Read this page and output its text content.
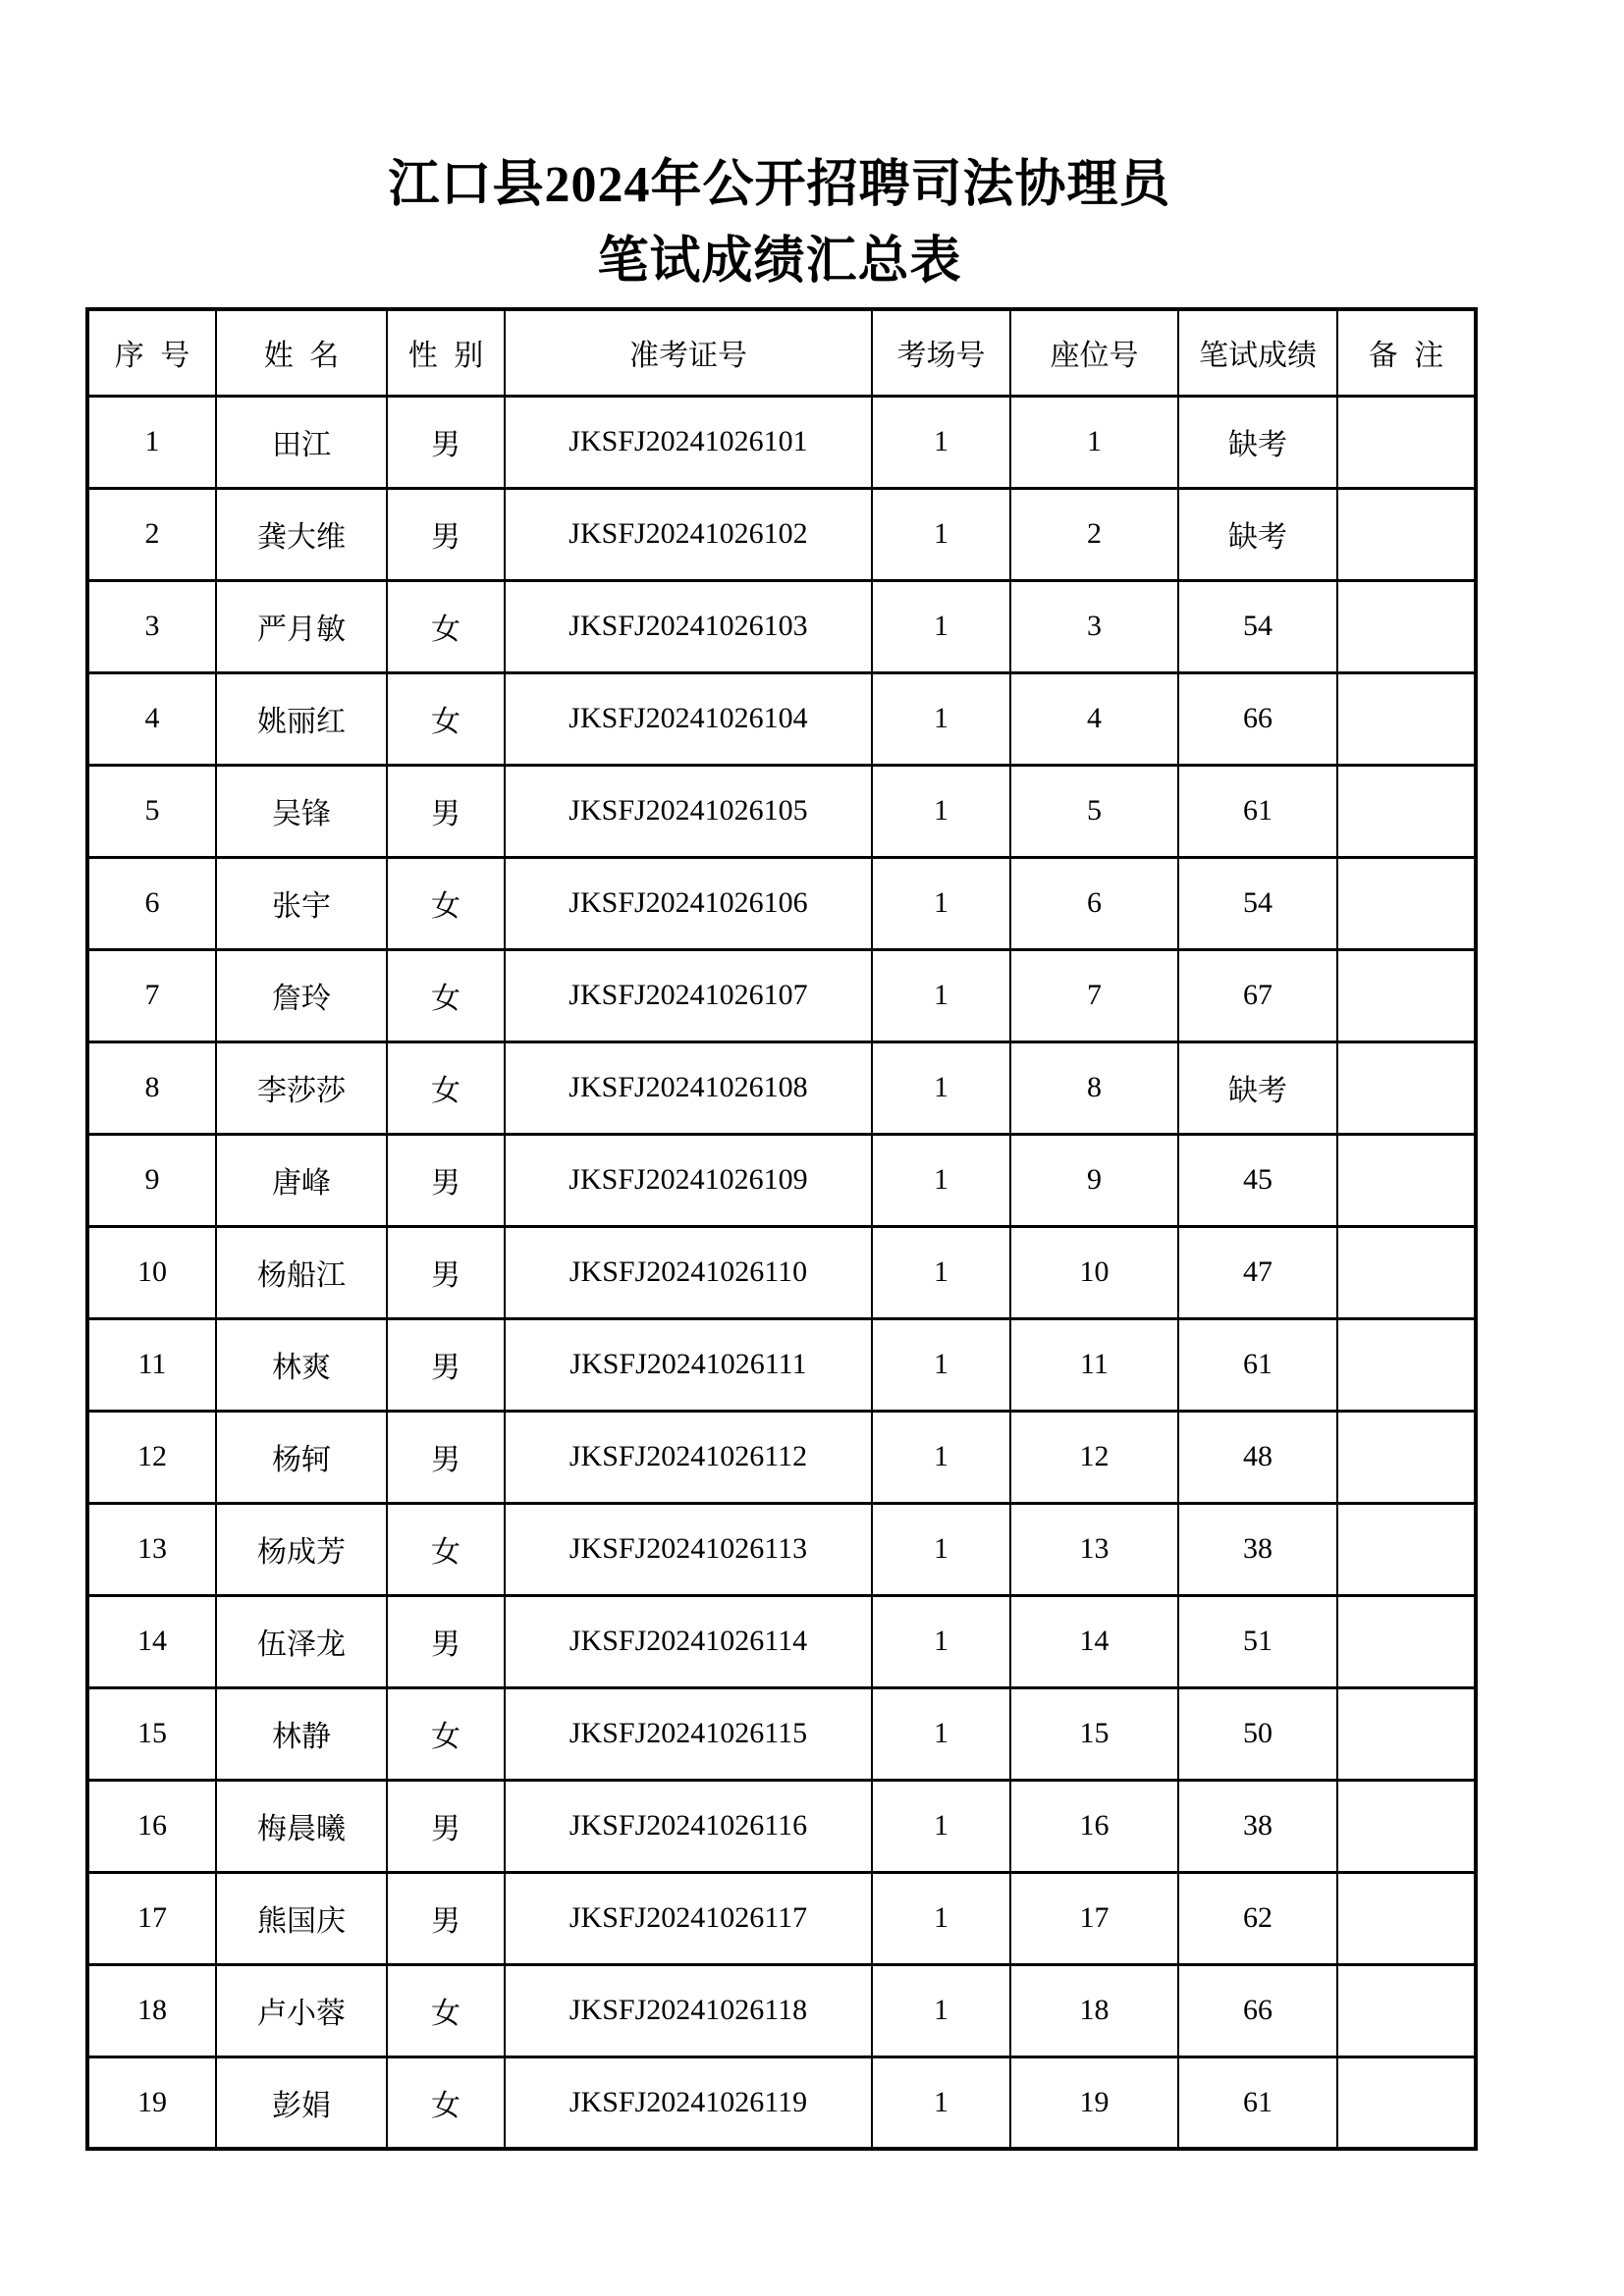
江口县2024年公开招聘司法协理员
笔试成绩汇总表
序号	姓名	性别	准考证号	考场号	座位号	笔试成绩	备注
1	田江	男	JKSFJ20241026101	1	1	缺考	
2	龚大维	男	JKSFJ20241026102	1	2	缺考	
3	严月敏	女	JKSFJ20241026103	1	3	54	
4	姚丽红	女	JKSFJ20241026104	1	4	66	
5	吴锋	男	JKSFJ20241026105	1	5	61	
6	张宇	女	JKSFJ20241026106	1	6	54	
7	詹玲	女	JKSFJ20241026107	1	7	67	
8	李莎莎	女	JKSFJ20241026108	1	8	缺考	
9	唐峰	男	JKSFJ20241026109	1	9	45	
10	杨船江	男	JKSFJ20241026110	1	10	47	
11	林爽	男	JKSFJ20241026111	1	11	61	
12	杨轲	男	JKSFJ20241026112	1	12	48	
13	杨成芳	女	JKSFJ20241026113	1	13	38	
14	伍泽龙	男	JKSFJ20241026114	1	14	51	
15	林静	女	JKSFJ20241026115	1	15	50	
16	梅晨曦	男	JKSFJ20241026116	1	16	38	
17	熊国庆	男	JKSFJ20241026117	1	17	62	
18	卢小蓉	女	JKSFJ20241026118	1	18	66	
19	彭娟	女	JKSFJ20241026119	1	19	61	
